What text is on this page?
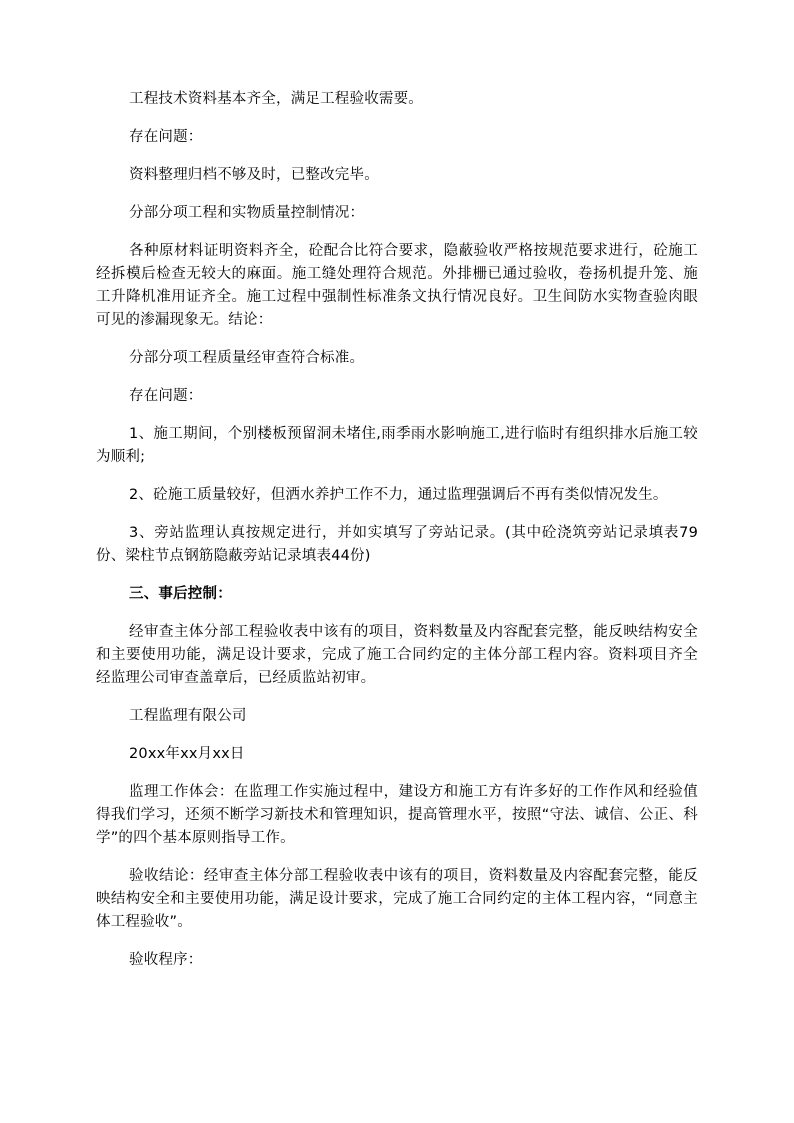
工程技术资料基本齐全，满足工程验收需要。

存在问题：

资料整理归档不够及时，已整改完毕。

分部分项工程和实物质量控制情况：

各种原材料证明资料齐全，砼配合比符合要求，隐蔽验收严格按规范要求进行，砼施工经拆模后检查无较大的麻面。施工缝处理符合规范。外排栅已通过验收，卷扬机提升笼、施工升降机准用证齐全。施工过程中强制性标准条文执行情况良好。卫生间防水实物查验肉眼可见的渗漏现象无。结论：

分部分项工程质量经审查符合标准。

存在问题：

1、施工期间，个别楼板预留洞未堵住,雨季雨水影响施工,进行临时有组织排水后施工较为顺利;

2、砼施工质量较好，但洒水养护工作不力，通过监理强调后不再有类似情况发生。

3、旁站监理认真按规定进行，并如实填写了旁站记录。(其中砼浇筑旁站记录填表79份、梁柱节点钢筋隐蔽旁站记录填表44份)

三、事后控制：

经审查主体分部工程验收表中该有的项目，资料数量及内容配套完整，能反映结构安全和主要使用功能，满足设计要求，完成了施工合同约定的主体分部工程内容。资料项目齐全经监理公司审查盖章后，已经质监站初审。

工程监理有限公司

20xx年xx月xx日

监理工作体会：在监理工作实施过程中，建设方和施工方有许多好的工作作风和经验值得我们学习，还须不断学习新技术和管理知识，提高管理水平，按照“守法、诚信、公正、科学”的四个基本原则指导工作。

验收结论：经审查主体分部工程验收表中该有的项目，资料数量及内容配套完整，能反映结构安全和主要使用功能，满足设计要求，完成了施工合同约定的主体工程内容，“同意主体工程验收”。

验收程序：
